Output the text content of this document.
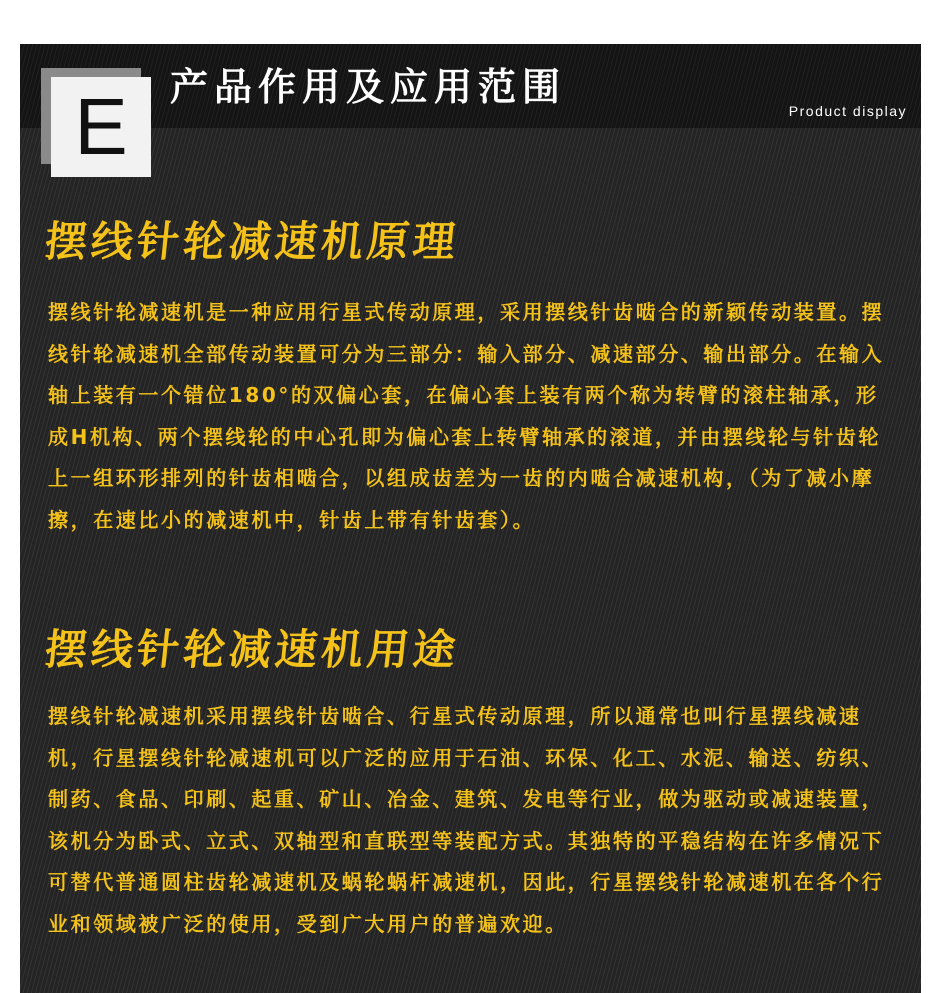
E	产品作用及应用范围
Product display
摆线针轮减速机原理
摆线针轮减速机是一种应用行星式传动原理，采用摆线针齿啮合的新颖传动装置。摆线针轮减速机全部传动装置可分为三部分：输入部分、减速部分、输出部分。在输入轴上装有一个错位180°的双偏心套，在偏心套上装有两个称为转臂的滚柱轴承，形成H机构、两个摆线轮的中心孔即为偏心套上转臂轴承的滚道，并由摆线轮与针齿轮上一组环形排列的针齿相啮合，以组成齿差为一齿的内啮合减速机构，（为了减小摩擦，在速比小的减速机中，针齿上带有针齿套）。
摆线针轮减速机用途
摆线针轮减速机采用摆线针齿啮合、行星式传动原理，所以通常也叫行星摆线减速机，行星摆线针轮减速机可以广泛的应用于石油、环保、化工、水泥、输送、纺织、制药、食品、印刷、起重、矿山、冶金、建筑、发电等行业，做为驱动或减速装置，该机分为卧式、立式、双轴型和直联型等装配方式。其独特的平稳结构在许多情况下可替代普通圆柱齿轮减速机及蜗轮蜗杆减速机，因此，行星摆线针轮减速机在各个行业和领域被广泛的使用，受到广大用户的普遍欢迎。
